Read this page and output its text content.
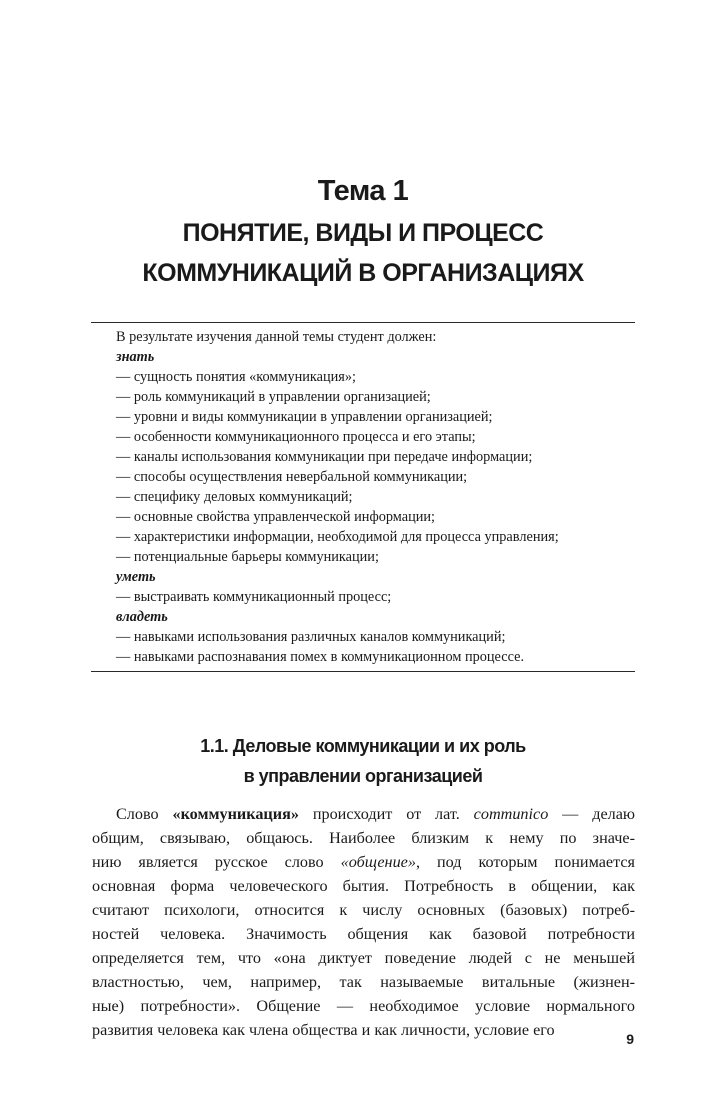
Тема 1
ПОНЯТИЕ, ВИДЫ И ПРОЦЕСС
КОММУНИКАЦИЙ В ОРГАНИЗАЦИЯХ
В результате изучения данной темы студент должен:
знать
— сущность понятия «коммуникация»;
— роль коммуникаций в управлении организацией;
— уровни и виды коммуникации в управлении организацией;
— особенности коммуникационного процесса и его этапы;
— каналы использования коммуникации при передаче информации;
— способы осуществления невербальной коммуникации;
— специфику деловых коммуникаций;
— основные свойства управленческой информации;
— характеристики информации, необходимой для процесса управления;
— потенциальные барьеры коммуникации;
уметь
— выстраивать коммуникационный процесс;
владеть
— навыками использования различных каналов коммуникаций;
— навыками распознавания помех в коммуникационном процессе.
1.1. Деловые коммуникации и их роль
в управлении организацией
Слово «коммуникация» происходит от лат. communico — делаю
общим, связываю, общаюсь. Наиболее близким к нему по значе-
нию является русское слово «общение», под которым понимается
основная форма человеческого бытия. Потребность в общении, как
считают психологи, относится к числу основных (базовых) потреб-
ностей человека. Значимость общения как базовой потребности
определяется тем, что «она диктует поведение людей с не меньшей
властностью, чем, например, так называемые витальные (жизнен-
ные) потребности». Общение — необходимое условие нормального
развития человека как члена общества и как личности, условие его	9
